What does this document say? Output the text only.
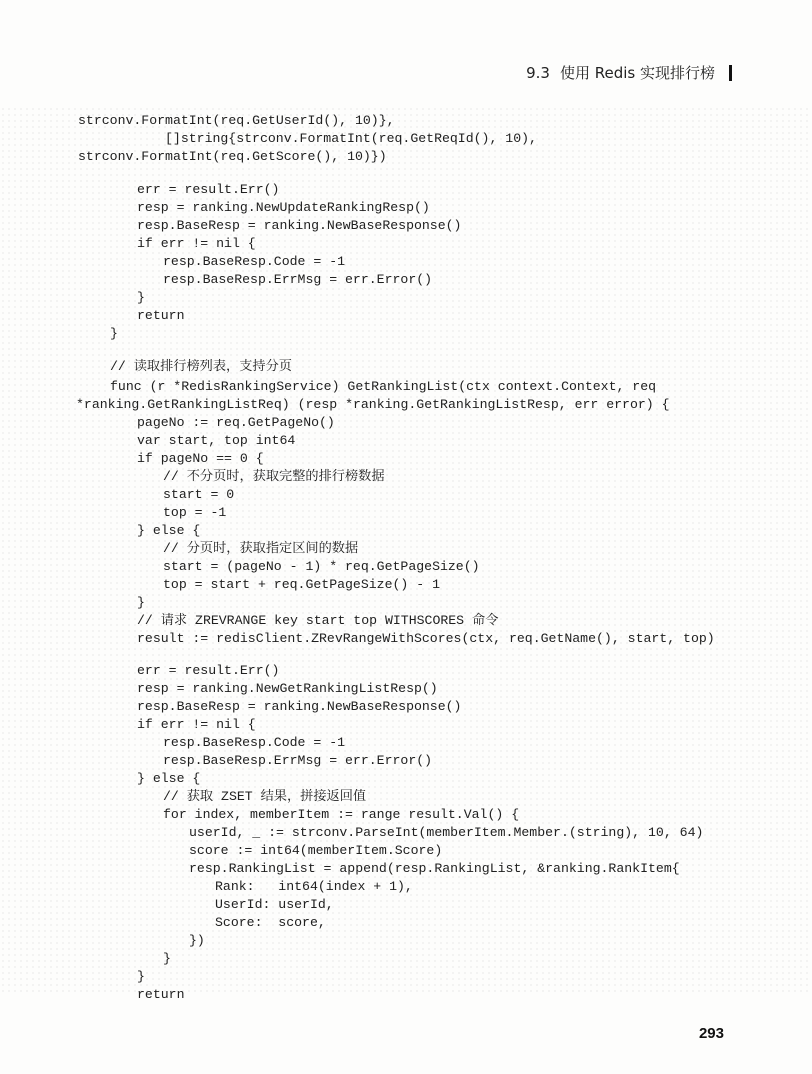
9.3 使用 Redis 实现排行榜
strconv.FormatInt(req.GetUserId(), 10)},
[]string{strconv.FormatInt(req.GetReqId(), 10),
strconv.FormatInt(req.GetScore(), 10)})
err = result.Err()
resp = ranking.NewUpdateRankingResp()
resp.BaseResp = ranking.NewBaseResponse()
if err != nil {
resp.BaseResp.Code = -1
resp.BaseResp.ErrMsg = err.Error()
}
return
}
// 读取排行榜列表，支持分页
func (r *RedisRankingService) GetRankingList(ctx context.Context, req
*ranking.GetRankingListReq) (resp *ranking.GetRankingListResp, err error) {
pageNo := req.GetPageNo()
var start, top int64
if pageNo == 0 {
// 不分页时，获取完整的排行榜数据
start = 0
top = -1
} else {
// 分页时，获取指定区间的数据
start = (pageNo - 1) * req.GetPageSize()
top = start + req.GetPageSize() - 1
}
// 请求 ZREVRANGE key start top WITHSCORES 命令
result := redisClient.ZRevRangeWithScores(ctx, req.GetName(), start, top)
err = result.Err()
resp = ranking.NewGetRankingListResp()
resp.BaseResp = ranking.NewBaseResponse()
if err != nil {
resp.BaseResp.Code = -1
resp.BaseResp.ErrMsg = err.Error()
} else {
// 获取 ZSET 结果，拼接返回值
for index, memberItem := range result.Val() {
userId, _ := strconv.ParseInt(memberItem.Member.(string), 10, 64)
score := int64(memberItem.Score)
resp.RankingList = append(resp.RankingList, &ranking.RankItem{
Rank:   int64(index + 1),
UserId: userId,
Score:  score,
})
}
}
return
293
